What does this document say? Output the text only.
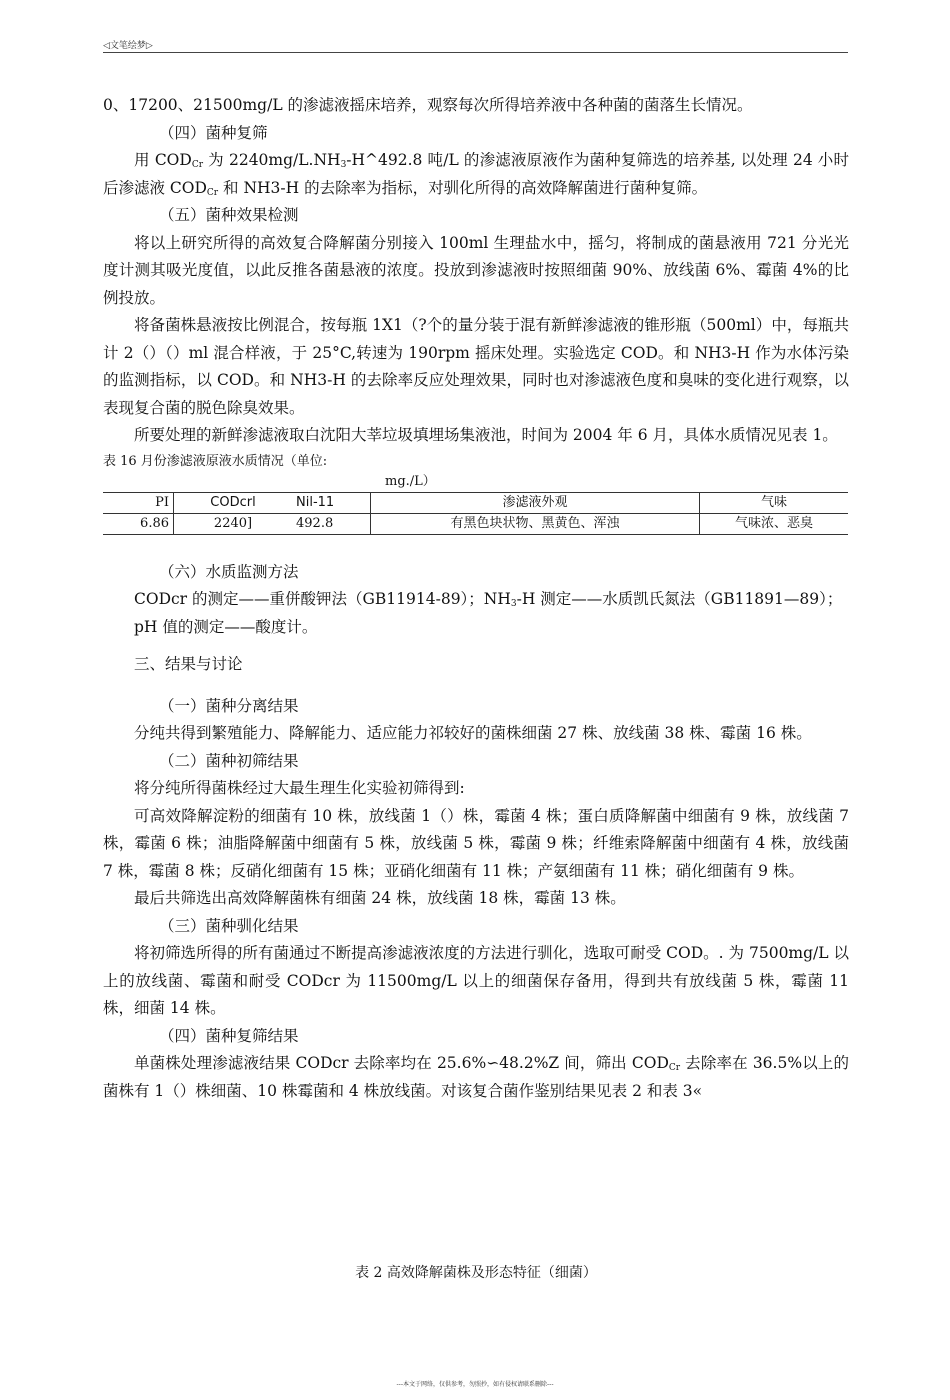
◁文笔绘梦▷

0、17200、21500mg/L 的渗滤液摇床培养，观察每次所得培养液中各种菌的菌落生长情况。

（四）菌种复筛

用 $COD_{Cr}$ 为 $2240mg/L.NH_3-H\^{}492.8$ 吨/L 的渗滤液原液作为菌种复筛选的培养基, 以处理 24 小时后渗滤液 $COD_{Cr}$ 和 NH3-H 的去除率为指标，对驯化所得的高效降解菌进行菌种复筛。

（五）菌种效果检测

将以上研究所得的高效复合降解菌分别接入 100ml 生理盐水中，摇匀，将制成的菌悬液用 721 分光光度计测其吸光度值，以此反推各菌悬液的浓度。投放到渗滤液时按照细菌 90%、放线菌 6%、霉菌 4%的比例投放。

将备菌株悬液按比例混合，按每瓶 1X1（?个的量分装于混有新鲜渗滤液的锥形瓶（500ml）中，每瓶共计 2（）（）ml 混合样液，于 25°C,转速为 190rpm 摇床处理。实验选定 COD。和 NH3-H 作为水体污染的监测指标，以 COD。和 NH3-H 的去除率反应处理效果，同时也对渗滤液色度和臭味的变化进行观察，以表现复合菌的脱色除臭效果。

所要处理的新鲜渗滤液取白沈阳大莘垃圾填埋场集液池，时间为 2004 年 6 月，具体水质情况见表 1。

表 16 月份渗滤液原液水质情况（单位:

mg./L）

PI	CODcrl	Nil-11	渗滤液外观	气味
6.86	2240]	492.8	有黑色块状物、黑黄色、浑浊	气味浓、恶臭

（六）水质监测方法

CODcr 的测定——重併酸钾法（GB11914-89）；$NH_3-H$ 测定——水质凯氏氮法（GB11891—89）；

pH 值的测定——酸度计。

三、结果与讨论

（一）菌种分离结果

分纯共得到繁殖能力、降解能力、适应能力祁较好的菌株细菌 27 株、放线菌 38 株、霉菌 16 株。

（二）菌种初筛结果

将分纯所得菌株经过大最生理生化实验初筛得到:

可高效降解淀粉的细菌有 10 株，放线菌 1（）株，霉菌 4 株；蛋白质降解菌中细菌有 9 株，放线菌 7 株，霉菌 6 株；油脂降解菌中细菌有 5 株，放线菌 5 株，霉菌 9 株；纤维索降解菌中细菌有 4 株，放线菌 7 株，霉菌 8 株；反硝化细菌有 15 株；亚硝化细菌有 11 株；产氨细菌有 11 株；硝化细菌有 9 株。

最后共筛选出高效降解菌株有细菌 24 株，放线菌 18 株，霉菌 13 株。

（三）菌种驯化结果

将初筛选所得的所有菌通过不断提高渗滤液浓度的方法进行驯化，选取可耐受 COD。. 为 7500mg/L 以上的放线菌、霉菌和耐受 CODcr 为 11500mg/L 以上的细菌保存备用，得到共有放线菌 5 株，霉菌 11 株，细菌 14 株。

（四）菌种复筛结果

单菌株处理渗滤液结果 CODcr 去除率均在 25.6%∽48.2%Z 间，筛出 $COD_{Cr}$ 去除率在 36.5%以上的菌株有 1（）株细菌、10 株霉菌和 4 株放线菌。对该复合菌作鉴别结果见表 2 和表 3«

表 2 高效降解菌株及形态特征（细菌）
---本文于网络，仅供参考，勿照抄，如有侵权请联系删除---
